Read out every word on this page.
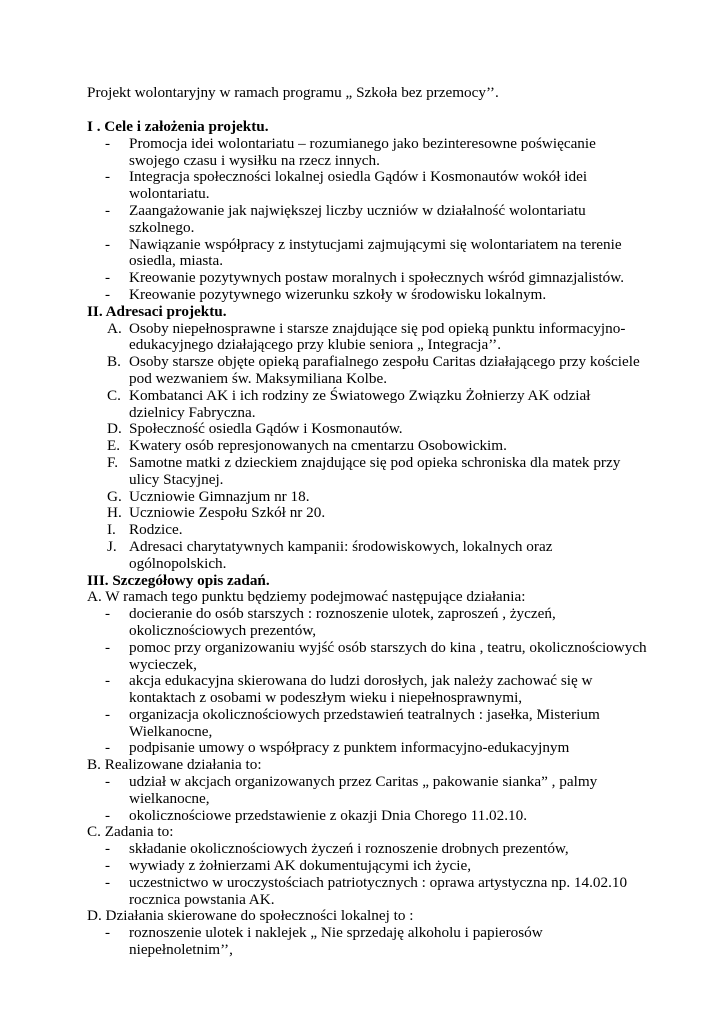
Projekt wolontaryjny w ramach programu „ Szkoła bez przemocy’’.

I . Cele i założenia projektu.
-	Promocja idei wolontariatu – rozumianego jako bezinteresowne poświęcanie swojego czasu i wysiłku na rzecz innych.
-	Integracja społeczności lokalnej osiedla Gądów i Kosmonautów wokół idei wolontariatu.
-	Zaangażowanie jak największej liczby uczniów w działalność wolontariatu szkolnego.
-	Nawiązanie współpracy z instytucjami zajmującymi się wolontariatem na terenie osiedla, miasta.
-	Kreowanie pozytywnych postaw moralnych i społecznych wśród gimnazjalistów.
-	Kreowanie pozytywnego wizerunku szkoły w środowisku lokalnym.
II. Adresaci projektu.
A. Osoby niepełnosprawne i starsze znajdujące się pod opieką punktu informacyjno-edukacyjnego działającego przy klubie seniora „ Integracja’’.
B. Osoby starsze objęte opieką parafialnego zespołu Caritas działającego przy kościele pod wezwaniem św. Maksymiliana Kolbe.
C. Kombatanci AK i ich rodziny ze Światowego Związku Żołnierzy AK odział dzielnicy Fabryczna.
D. Społeczność osiedla Gądów i Kosmonautów.
E. Kwatery osób represjonowanych na cmentarzu Osobowickim.
F. Samotne matki z dzieckiem znajdujące się pod opieka schroniska dla matek przy ulicy Stacyjnej.
G. Uczniowie Gimnazjum nr 18.
H. Uczniowie Zespołu Szkół nr 20.
I. Rodzice.
J. Adresaci charytatywnych kampanii: środowiskowych, lokalnych oraz ogólnopolskich.
III. Szczegółowy opis zadań.
A. W ramach tego punktu będziemy podejmować następujące działania:
-	docieranie do osób starszych : roznoszenie ulotek, zaproszeń , życzeń, okolicznościowych prezentów,
-	pomoc przy organizowaniu wyjść osób starszych do kina , teatru, okolicznościowych wycieczek,
-	akcja edukacyjna skierowana do ludzi dorosłych, jak należy zachować się w kontaktach z osobami w podeszłym wieku i niepełnosprawnymi,
-	organizacja okolicznościowych przedstawień teatralnych : jasełka, Misterium Wielkanocne,
-	podpisanie umowy o współpracy z punktem informacyjno-edukacyjnym
B. Realizowane działania to:
-	udział w akcjach organizowanych przez Caritas „ pakowanie sianka” , palmy wielkanocne,
-	okolicznościowe przedstawienie z okazji Dnia Chorego 11.02.10.
C. Zadania to:
-	składanie okolicznościowych życzeń i roznoszenie drobnych prezentów,
-	wywiady z żołnierzami AK dokumentującymi ich życie,
-	uczestnictwo w uroczystościach patriotycznych : oprawa artystyczna np. 14.02.10 rocznica powstania AK.
D. Działania skierowane do społeczności lokalnej to :
-	roznoszenie ulotek i naklejek „ Nie sprzedaję alkoholu i papierosów niepełnoletnim’’,
